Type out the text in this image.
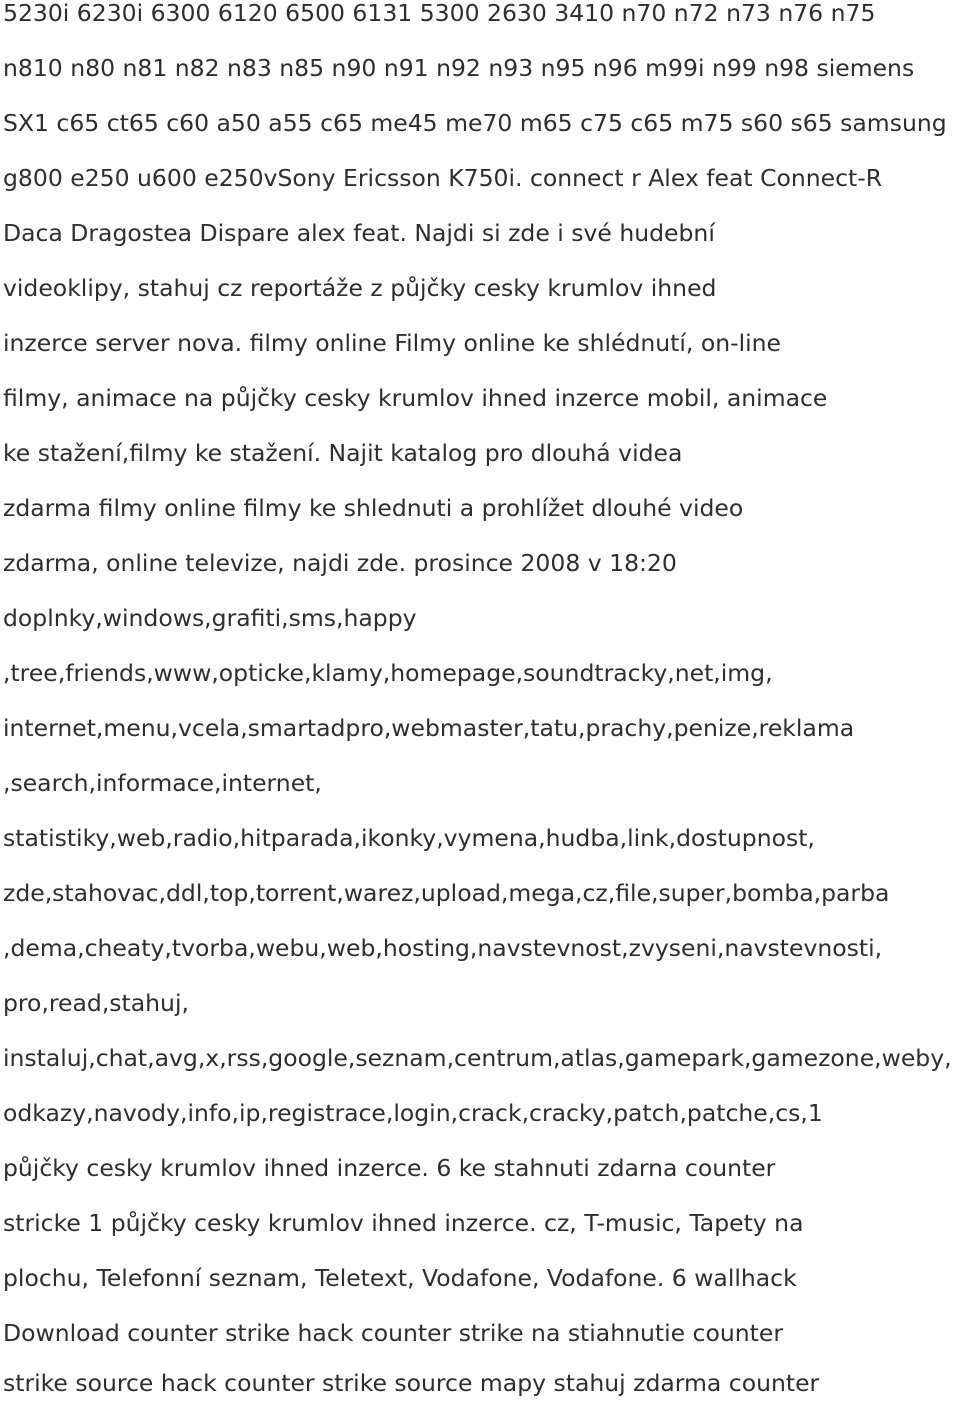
5230i 6230i 6300 6120 6500 6131 5300 2630 3410 n70 n72 n73 n76 n75
n810 n80 n81 n82 n83 n85 n90 n91 n92 n93 n95 n96 m99i n99 n98 siemens
SX1 c65 ct65 c60 a50 a55 c65 me45 me70 m65 c75 c65 m75 s60 s65 samsung
g800 e250 u600 e250vSony Ericsson K750i. connect r Alex feat Connect-R
Daca Dragostea Dispare alex feat. Najdi si zde i své hudební
videoklipy, stahuj cz reportáže z půjčky cesky krumlov ihned
inzerce server nova. filmy online Filmy online ke shlédnutí, on-line
filmy, animace na půjčky cesky krumlov ihned inzerce mobil, animace
ke stažení,filmy ke stažení. Najit katalog pro dlouhá videa
zdarma filmy online filmy ke shlednuti a prohlížet dlouhé video
zdarma, online televize, najdi zde. prosince 2008 v 18:20
doplnky,windows,grafiti,sms,happy
,tree,friends,www,opticke,klamy,homepage,soundtracky,net,img,
internet,menu,vcela,smartadpro,webmaster,tatu,prachy,penize,reklama
,search,informace,internet,
statistiky,web,radio,hitparada,ikonky,vymena,hudba,link,dostupnost,
zde,stahovac,ddl,top,torrent,warez,upload,mega,cz,file,super,bomba,parba
,dema,cheaty,tvorba,webu,web,hosting,navstevnost,zvyseni,navstevnosti,
pro,read,stahuj,
instaluj,chat,avg,x,rss,google,seznam,centrum,atlas,gamepark,gamezone,weby,
odkazy,navody,info,ip,registrace,login,crack,cracky,patch,patche,cs,1
půjčky cesky krumlov ihned inzerce. 6 ke stahnuti zdarna counter
stricke 1 půjčky cesky krumlov ihned inzerce. cz, T-music, Tapety na
plochu, Telefonní seznam, Teletext, Vodafone, Vodafone. 6 wallhack
Download counter strike hack counter strike na stiahnutie counter
strike source hack counter strike source mapy stahuj zdarma counter
